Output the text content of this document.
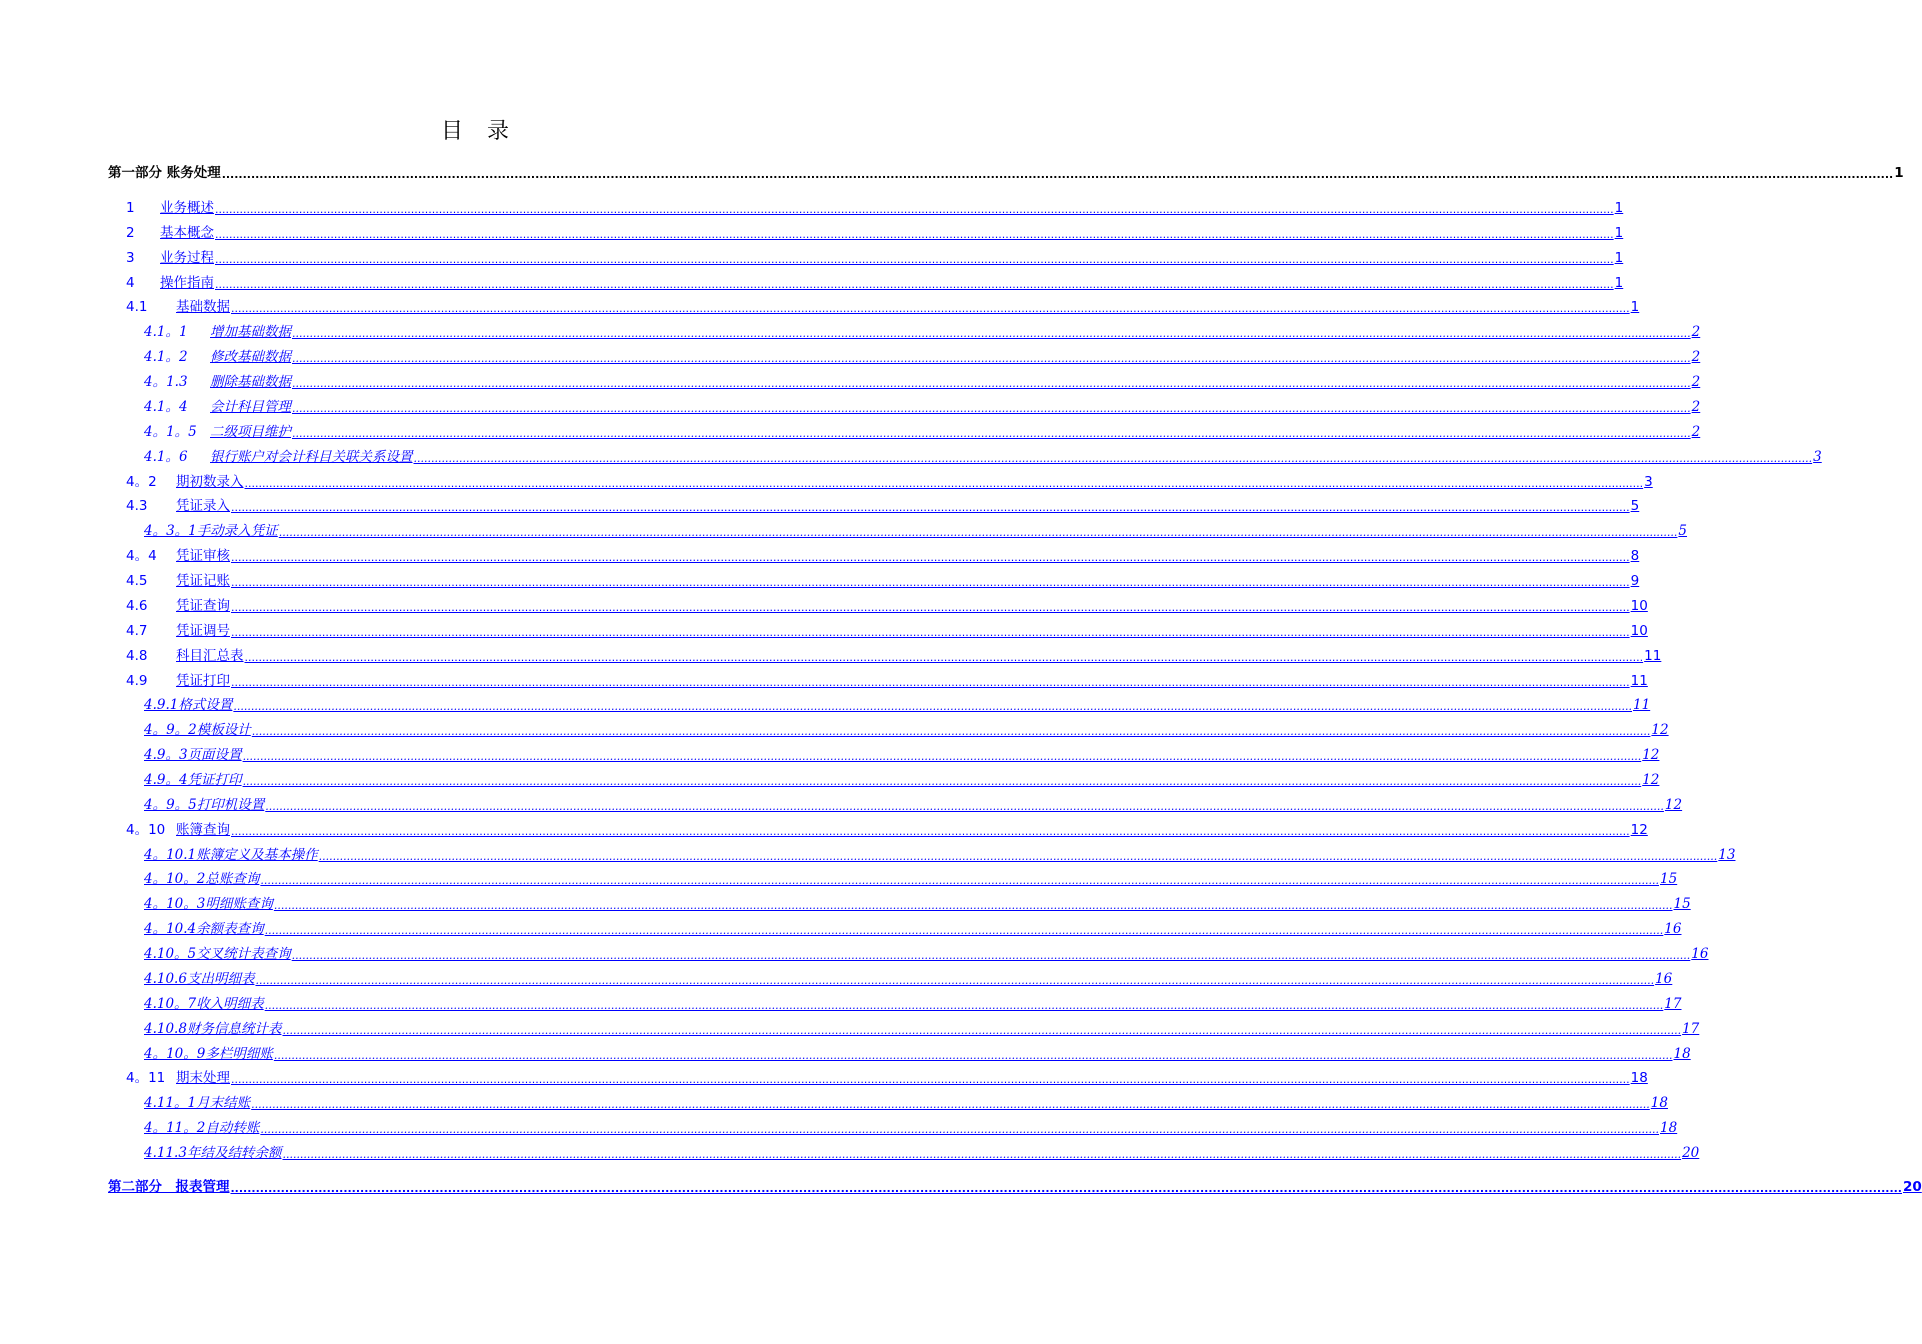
目 录
第一部分 账务处理 ................................................................................................................................................................................................................................................................................................................................................................................................................ 1
1 业务概述 ................................................................................................................................................................................................................................................................................................................................................................................................................ 1
2 基本概念 ................................................................................................................................................................................................................................................................................................................................................................................................................ 1
3 业务过程 ................................................................................................................................................................................................................................................................................................................................................................................................................ 1
4 操作指南 ................................................................................................................................................................................................................................................................................................................................................................................................................ 1
4.1 基础数据 ................................................................................................................................................................................................................................................................................................................................................................................................................ 1
4.1。1 增加基础数据 ................................................................................................................................................................................................................................................................................................................................................................................................................ 2
4.1。2 修改基础数据 ................................................................................................................................................................................................................................................................................................................................................................................................................ 2
4。1.3 删除基础数据 ................................................................................................................................................................................................................................................................................................................................................................................................................ 2
4.1。4 会计科目管理 ................................................................................................................................................................................................................................................................................................................................................................................................................ 2
4。1。5 二级项目维护 ................................................................................................................................................................................................................................................................................................................................................................................................................ 2
4.1。6 银行账户对会计科目关联关系设置 ................................................................................................................................................................................................................................................................................................................................................................................................................ 3
4。2 期初数录入 ................................................................................................................................................................................................................................................................................................................................................................................................................ 3
4.3 凭证录入 ................................................................................................................................................................................................................................................................................................................................................................................................................ 5
4。3。1手动录入凭证 ................................................................................................................................................................................................................................................................................................................................................................................................................ 5
4。4 凭证审核 ................................................................................................................................................................................................................................................................................................................................................................................................................ 8
4.5 凭证记账 ................................................................................................................................................................................................................................................................................................................................................................................................................ 9
4.6 凭证查询 ................................................................................................................................................................................................................................................................................................................................................................................................................ 10
4.7 凭证调号 ................................................................................................................................................................................................................................................................................................................................................................................................................ 10
4.8 科目汇总表 ................................................................................................................................................................................................................................................................................................................................................................................................................ 11
4.9 凭证打印 ................................................................................................................................................................................................................................................................................................................................................................................................................ 11
4.9.1格式设置 ................................................................................................................................................................................................................................................................................................................................................................................................................ 11
4。9。2模板设计 ................................................................................................................................................................................................................................................................................................................................................................................................................ 12
4.9。3页面设置 ................................................................................................................................................................................................................................................................................................................................................................................................................ 12
4.9。4凭证打印 ................................................................................................................................................................................................................................................................................................................................................................................................................ 12
4。9。5打印机设置 ................................................................................................................................................................................................................................................................................................................................................................................................................ 12
4。10 账簿查询 ................................................................................................................................................................................................................................................................................................................................................................................................................ 12
4。10.1账簿定义及基本操作 ................................................................................................................................................................................................................................................................................................................................................................................................................ 13
4。10。2总账查询 ................................................................................................................................................................................................................................................................................................................................................................................................................ 15
4。10。3明细账查询 ................................................................................................................................................................................................................................................................................................................................................................................................................ 15
4。10.4余额表查询 ................................................................................................................................................................................................................................................................................................................................................................................................................ 16
4.10。5交叉统计表查询 ................................................................................................................................................................................................................................................................................................................................................................................................................ 16
4.10.6支出明细表 ................................................................................................................................................................................................................................................................................................................................................................................................................ 16
4.10。7收入明细表 ................................................................................................................................................................................................................................................................................................................................................................................................................ 17
4.10.8财务信息统计表 ................................................................................................................................................................................................................................................................................................................................................................................................................ 17
4。10。9多栏明细账 ................................................................................................................................................................................................................................................................................................................................................................................................................ 18
4。11 期末处理 ................................................................................................................................................................................................................................................................................................................................................................................................................ 18
4.11。1月末结账 ................................................................................................................................................................................................................................................................................................................................................................................................................ 18
4。11。2自动转账 ................................................................................................................................................................................................................................................................................................................................................................................................................ 18
4.11.3年结及结转余额 ................................................................................................................................................................................................................................................................................................................................................................................................................ 20
第二部分　报表管理 ................................................................................................................................................................................................................................................................................................................................................................................................................ 20
